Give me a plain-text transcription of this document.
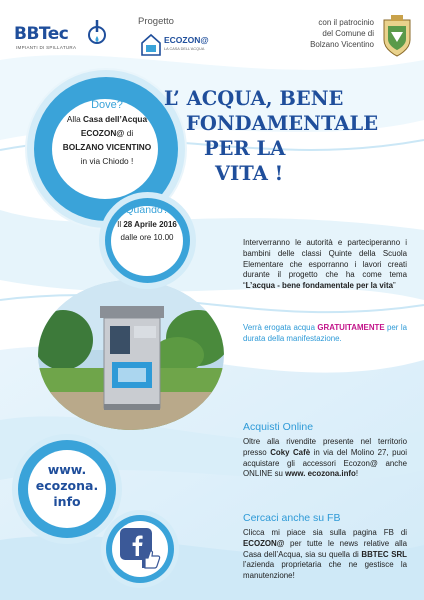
BBTec
IMPIANTI DI SPILLATURA
Progetto
ECOZON@
LA CASA DELL'ACQUA
con il patrocinio
del Comune di
Bolzano Vicentino
Dove?
Alla Casa dell’Acqua
ECOZON@ di
BOLZANO VICENTINO
in via Chiodo !
L’ ACQUA, BENE
FONDAMENTALE
PER LA
VITA !
Quando?
Il 28 Aprile 2016
dalle ore 10.00
Interverranno le autorità e parteciperanno i bambini delle classi Quinte della Scuola Elementare che esporranno i lavori creati durante il progetto che ha come tema “L’acqua - bene fondamentale per la vita”
Verrà erogata acqua GRATUITAMENTE per la durata della manifestazione.
Acquisti Online
Oltre alla rivendite presente nel territorio presso Coky Cafè in via del Molino 27, puoi acquistare gli accessori Ecozon@ anche ONLINE su www. ecozona.info!
Cercaci anche su FB
Clicca mi piace sia sulla pagina FB di ECOZON@ per tutte le news relative alla Casa dell’Acqua, sia su quella di BBTEC SRL l’azienda proprietaria che ne gestisce la manutenzione!
www.
ecozona.
info
